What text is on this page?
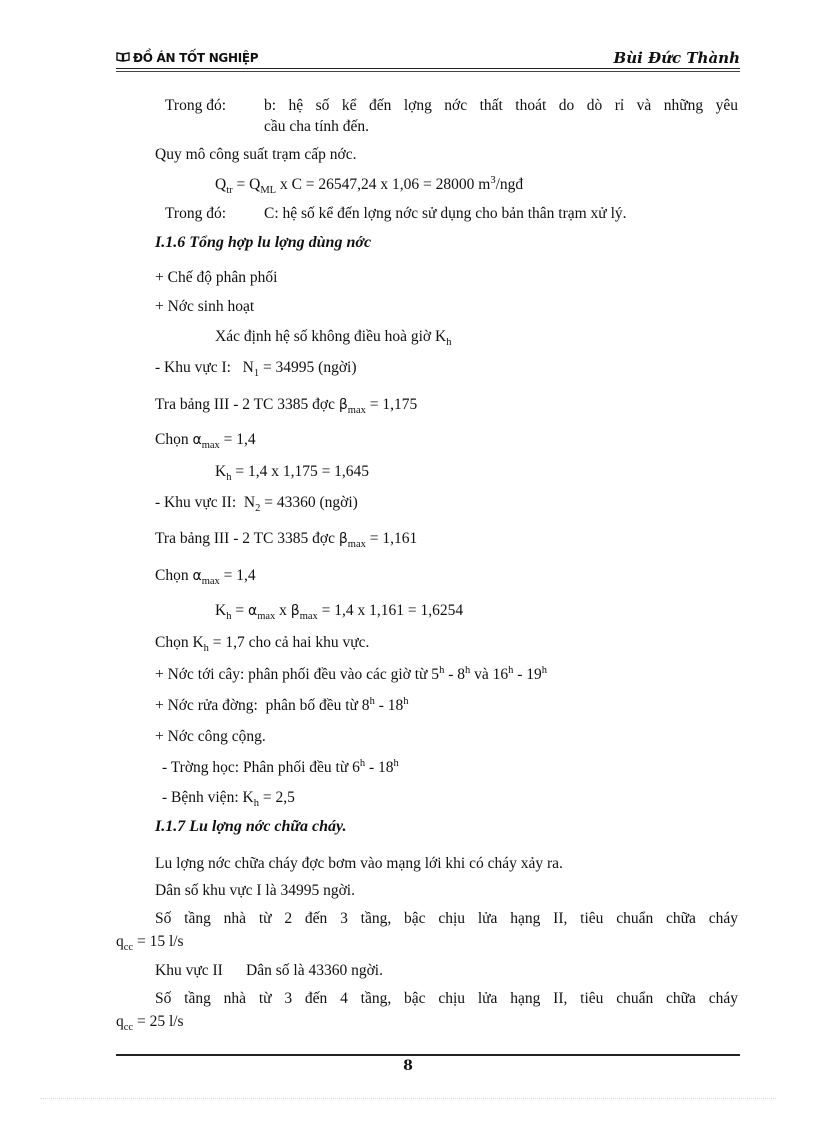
ĐỒ ÁN TỐT NGHIỆP	Bùi Đức Thành
Trong đó: b: hệ số kể đến lợng nớc thất thoát do dò rỉ và những yêu
cầu cha tính đến.
Quy mô công suất trạm cấp nớc.
$Q_{tr} = Q_{ML}$ x C = 26547,24 x 1,06 = 28000 $m^3$/ngđ
Trong đó: C: hệ số kể đến lợng nớc sử dụng cho bản thân trạm xử lý.
I.1.6 Tổng hợp lu lợng dùng nớc
+ Chế độ phân phối
+ Nớc sinh hoạt
Xác định hệ số không điều hoà giờ $K_h$
- Khu vực I:   $N_1 = 34995$ (ngời)
Tra bảng III - 2 TC 3385 đợc $\beta_{max} = 1,175$
Chọn $\alpha_{max} = 1,4$
$K_h = 1,4$ x 1,175 = 1,645
- Khu vực II:  $N_2 = 43360$ (ngời)
Tra bảng III - 2 TC 3385 đợc $\beta_{max} = 1,161$
Chọn $\alpha_{max} = 1,4$
$K_h = \alpha_{max}$ x $\beta_{max} = 1,4$ x 1,161 = 1,6254
Chọn $K_h = 1,7$ cho cả hai khu vực.
+ Nớc tới cây: phân phối đều vào các giờ từ 5$^h$ - 8$^h$ và $16^h - 19^h$
+ Nớc rửa đờng:  phân bố đều từ $8^h - 18^h$
+ Nớc công cộng.
- Trờng học: Phân phối đều từ 6$^h$ - 18$^h$
- Bệnh viện: $K_h = 2,5$
I.1.7 Lu lợng nớc chữa cháy.
Lu lợng nớc chữa cháy đợc bơm vào mạng lới khi có cháy xảy ra.
Dân số khu vực I là 34995 ngời.
Số tầng nhà từ 2 đến 3 tầng, bậc chịu lửa hạng II, tiêu chuẩn chữa cháy
$q_{cc} = 15$ l/s
Khu vực II      Dân số là 43360 ngời.
Số tầng nhà từ 3 đến 4 tầng, bậc chịu lửa hạng II, tiêu chuẩn chữa cháy
$q_{cc} = 25$ l/s
8
